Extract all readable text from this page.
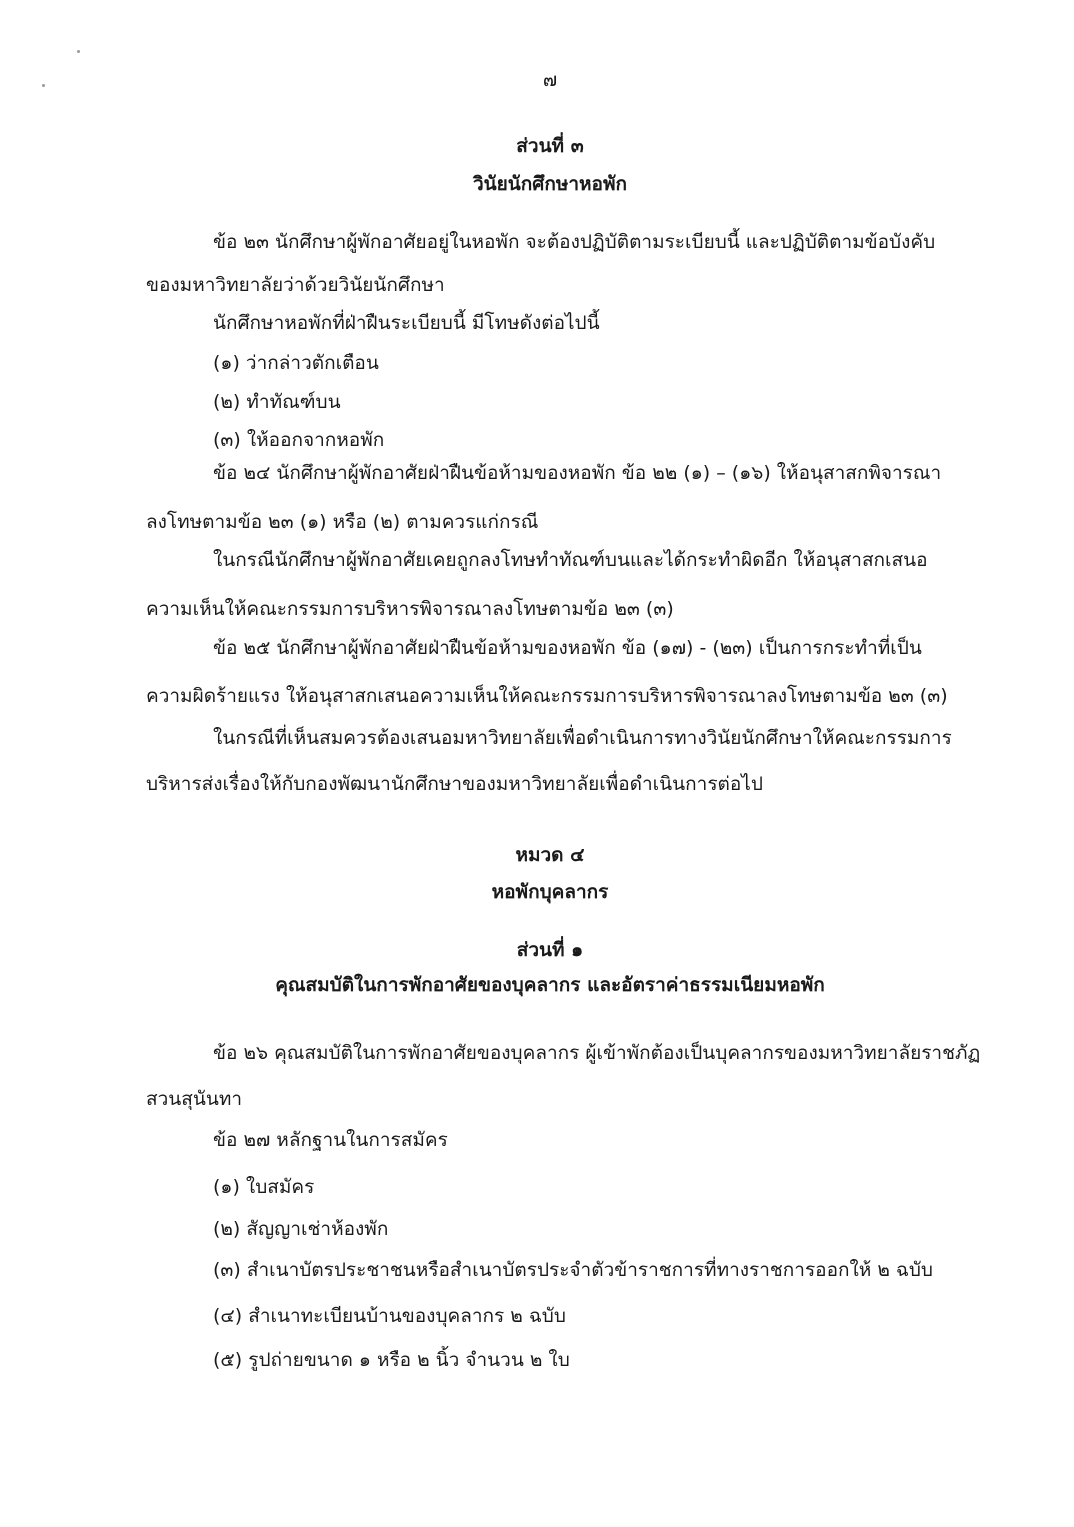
๗
ส่วนที่ ๓
วินัยนักศึกษาหอพัก
ข้อ ๒๓ นักศึกษาผู้พักอาศัยอยู่ในหอพัก จะต้องปฏิบัติตามระเบียบนี้ และปฏิบัติตามข้อบังคับ
ของมหาวิทยาลัยว่าด้วยวินัยนักศึกษา
นักศึกษาหอพักที่ฝ่าฝืนระเบียบนี้ มีโทษดังต่อไปนี้
(๑) ว่ากล่าวตักเตือน
(๒) ทำทัณฑ์บน
(๓) ให้ออกจากหอพัก
ข้อ ๒๔ นักศึกษาผู้พักอาศัยฝ่าฝืนข้อห้ามของหอพัก ข้อ ๒๒ (๑) – (๑๖) ให้อนุสาสกพิจารณา
ลงโทษตามข้อ ๒๓ (๑) หรือ (๒) ตามควรแก่กรณี
ในกรณีนักศึกษาผู้พักอาศัยเคยถูกลงโทษทำทัณฑ์บนและได้กระทำผิดอีก ให้อนุสาสกเสนอ
ความเห็นให้คณะกรรมการบริหารพิจารณาลงโทษตามข้อ ๒๓ (๓)
ข้อ ๒๕ นักศึกษาผู้พักอาศัยฝ่าฝืนข้อห้ามของหอพัก ข้อ (๑๗) - (๒๓) เป็นการกระทำที่เป็น
ความผิดร้ายแรง ให้อนุสาสกเสนอความเห็นให้คณะกรรมการบริหารพิจารณาลงโทษตามข้อ ๒๓ (๓)
ในกรณีที่เห็นสมควรต้องเสนอมหาวิทยาลัยเพื่อดำเนินการทางวินัยนักศึกษาให้คณะกรรมการ
บริหารส่งเรื่องให้กับกองพัฒนานักศึกษาของมหาวิทยาลัยเพื่อดำเนินการต่อไป
หมวด ๔
หอพักบุคลากร
ส่วนที่ ๑
คุณสมบัติในการพักอาศัยของบุคลากร และอัตราค่าธรรมเนียมหอพัก
ข้อ ๒๖ คุณสมบัติในการพักอาศัยของบุคลากร ผู้เข้าพักต้องเป็นบุคลากรของมหาวิทยาลัยราชภัฏ
สวนสุนันทา
ข้อ ๒๗ หลักฐานในการสมัคร
(๑) ใบสมัคร
(๒) สัญญาเช่าห้องพัก
(๓) สำเนาบัตรประชาชนหรือสำเนาบัตรประจำตัวข้าราชการที่ทางราชการออกให้ ๒ ฉบับ
(๔) สำเนาทะเบียนบ้านของบุคลากร ๒ ฉบับ
(๕) รูปถ่ายขนาด ๑ หรือ ๒ นิ้ว จำนวน ๒ ใบ
